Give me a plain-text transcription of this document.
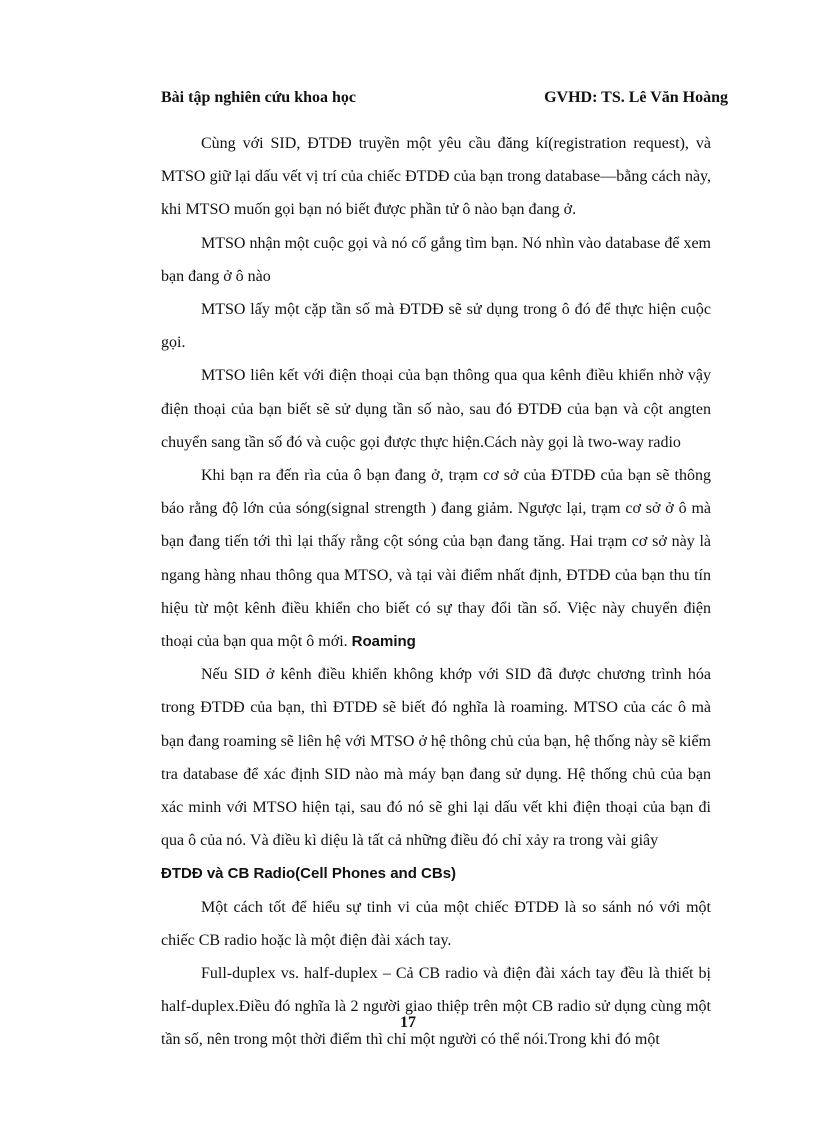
Bài tập nghiên cứu khoa học	GVHD: TS. Lê Văn Hoàng

Cùng với SID, ĐTDĐ truyền một yêu cầu đăng kí(registration request), và MTSO giữ lại dấu vết vị trí của chiếc ĐTDĐ của bạn trong database—bằng cách này, khi MTSO muốn gọi bạn nó biết được phần tử ô nào bạn đang ở.

MTSO nhận một cuộc gọi và nó cố gắng tìm bạn. Nó nhìn vào database để xem bạn đang ở ô nào

MTSO lấy một cặp tần số mà ĐTDĐ sẽ sử dụng trong ô đó để thực hiện cuộc gọi.

MTSO liên kết với điện thoại của bạn thông qua qua kênh điều khiển nhờ vậy điện thoại của bạn biết sẽ sử dụng tần số nào, sau đó ĐTDĐ của bạn và cột angten chuyển sang tần số đó và cuộc gọi được thực hiện.Cách này gọi là two-way radio

Khi bạn ra đến rìa của ô bạn đang ở, trạm cơ sở của ĐTDĐ của bạn sẽ thông báo rằng độ lớn của sóng(signal strength ) đang giảm. Ngược lại, trạm cơ sở ở ô mà bạn đang tiến tới thì lại thấy rằng cột sóng của bạn đang tăng. Hai trạm cơ sở này là ngang hàng nhau thông qua MTSO, và tại vài điểm nhất định, ĐTDĐ của bạn thu tín hiệu từ một kênh điều khiển cho biết có sự thay đổi tần số. Việc này chuyển điện thoại của bạn qua một ô mới. Roaming

Nếu SID ở kênh điều khiển không khớp với SID đã được chương trình hóa trong ĐTDĐ của bạn, thì ĐTDĐ sẽ biết đó nghĩa là roaming. MTSO của các ô mà bạn đang roaming sẽ liên hệ với MTSO ở hệ thông chủ của bạn, hệ thống này sẽ kiểm tra database để xác định SID nào mà máy bạn đang sử dụng. Hệ thống chủ của bạn xác minh với MTSO hiện tại, sau đó nó sẽ ghi lại dấu vết khi điện thoại của bạn đi qua ô của nó. Và điều kì diệu là tất cả những điều đó chỉ xảy ra trong vài giây

ĐTDĐ và CB Radio(Cell Phones and CBs)

Một cách tốt để hiểu sự tinh vi của một chiếc ĐTDĐ là so sánh nó với một chiếc CB radio hoặc là một điện đài xách tay.

Full-duplex vs. half-duplex – Cả CB radio và điện đài xách tay đều là thiết bị half-duplex.Điều đó nghĩa là 2 người giao thiệp trên một CB radio sử dụng cùng một tần số, nên trong một thời điểm thì chỉ một người có thể nói.Trong khi đó một

17
